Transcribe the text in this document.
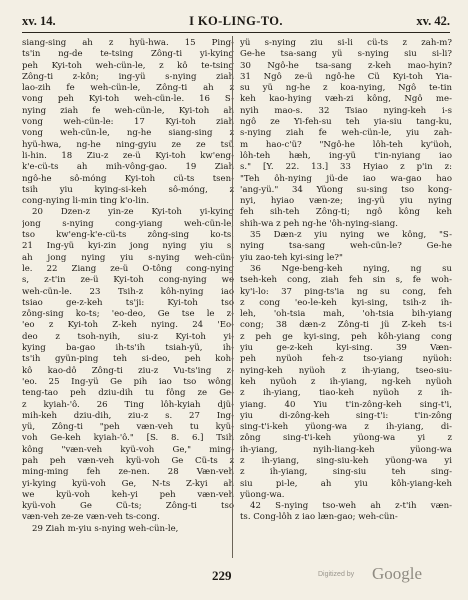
xv. 14.	I KO-LING-TO.	xv. 42.
siang-sing ah z hyü-hwa. 15 Ping-
ts'in ng-de te-tsing Zông-ti yi-kying
peh Kyi-toh weh-cün-le, z kô te-tsing
Zông-ti z-kôn; ing-yü s-nying ziah
lao-zih fe weh-cün-le, Zông-ti ah z
vong peh Kyi-toh weh-cün-le. 16 S-
nying ziah fe weh-cün-le, Kyi-toh ah
vong weh-cün-le: 17 Kyi-toh ziah
vong weh-cün-le, ng-he siang-sing z
hyü-hwa, ng-he ning-gyiu ze ze tsü
li-hin. 18 Ziu-z ze-ü Kyi-toh kw'eng-
k'e-cü-ts ah mih-vông-gao. 19 Ziah
ngô-he sô-móng Kyi-toh cü-ts tsen-
tsih yiu kying-si-keh sô-móng, z
cong-nying li-min ting k'o-lin.
20 Dzen-z yin-ze Kyi-toh yi-kying
jong s-nying cong-yiang weh-cün-le,
tso kw'eng-k'e-cü-ts zông-sing ko-ts.
21 Ing-yü kyi-zin jong nying yiu s,
ah jong nying yiu s-nying weh-cün-
le. 22 Ziang ze-ü Ô-tông cong-nying
s, z-t'in ze-ü Kyi-toh cong-nying we
weh-cün-le. 23 Tsih-z kôh-nying iao
tsiao ge-z-keh ts'ji: Kyi-toh tso
zông-sing ko-ts; 'eo-deo, Ge tse le z-
'eo z Kyi-toh Z-keh nying. 24 'Eo-
deo z tsoh-nyih, siu-z Kyi-toh yi-
kying ba-gao ih-ts'ih tsiah-yü, ih-
ts'ih gyün-ping teh si-deo, peh koh-
kô kao-dô Zông-ti ziu-z Vu-ts'ing z-
'eo. 25 Ing-yü Ge pih iao tso wông,
teng-tao peh dziu-dih tu fông ze Ge-
z kyiah-'ô. 26 Ting lôh-kyiah djü-
mih-keh dziu-dih, ziu-z s. 27 Ing-
yü, Zông-ti "peh væn-veh tu kyü-
voh Ge-keh kyiah-'ô." [S. 8. 6.] Tsih
kông "væn-veh kyü-voh Ge," ming-
pah peh væn-veh kyü-voh Ge Cü-ts z
ming-ming feh ze-nen. 28 Væn-veh
yi-kying kyü-voh Ge, N-ts Z-kyi ah
we kyü-voh keh-yi peh væn-veh
kyü-voh Ge Cü-ts; Zông-ti tso
væn-veh ze-ze væn-veh ts-cong.
29 Ziah m-yiu s-nying weh-cün-le,
yü s-nying ziu si-li cü-ts z zah-m?
Ge-he tsa-sang yü s-nying siu si-li?
30 Ngô-he tsa-sang z-keh mao-hyin?
31 Ngô ze-ü ngô-he Cü Kyi-toh Yia-
su yü ng-he z koa-nying, Ngô te-tin
keh kao-hying væh-zi kông, Ngô me-
nyih mao-s. 32 Tsiao nying-keh i-s
ngô ze Yi-feh-su teh yia-siu tang-ku,
s-nying ziah fe weh-cün-le, yiu zah-
m hao-c'ü? "Ngô-he lôh-teh ky'üoh,
lôh-teh hæh, ing-yü t'in-nyiang iao
s." [Y. 22. 13.] 33 Hyiao z p'in z:
"Teh ôh-nying jü-de iao wa-gao hao
'ang-yü." 34 Yüong su-sing tso kong-
nyi, hyiao væn-ze; ing-yü yiu nying
feh sih-teh Zông-ti; ngô kông keh
shih-wa z peh ng-he 'ôh-nying-siang.
35 Dæn-z yiu nying we kông, "S-
nying tsa-sang weh-cün-le? Ge-he
yiu zao-teh kyi-sing le?"
36 Nge-beng-keh nying, ng su
tseh-keh cong, ziah feh sin s, fe woh-
ky'i-lo: 37 ping-ts'ia ng su cong, feh
z cong 'eo-le-keh kyi-sing, tsih-z ih-
leh, 'oh-tsia mah, 'oh-tsia bih-yiang
cong; 38 dæn-z Zông-ti jü Z-keh ts-i
z peh ge kyi-sing, peh kôh-yiang cong
yiu ge-z-keh kyi-sing. 39 Væn-
peh nyüoh feh-z tso-yiang nyüoh:
nying-keh nyüoh z ih-yiang, tseo-siu-
keh nyüoh z ih-yiang, ng-keh nyüoh
z ih-yiang, tiao-keh nyüoh z ih-
yiang. 40 Yiu t'in-zông-keh sing-t'i,
yiu di-zông-keh sing-t'i: t'in-zông
sing-t'i-keh yüong-wa z ih-yiang, di-
zông sing-t'i-keh yüong-wa yi z
ih-yiang, nyih-liang-keh yüong-wa
z ih-yiang, sing-siu-keh yüong-wa yi
z ih-yiang, sing-siu teh sing-
siu pi-le, ah yiu kôh-yiang-keh
yüong-wa.
42 S-nying tso-weh ah z-t'ih væn-
ts. Cong-lôh z iao læn-gao; weh-cün-
229	Digitized by Google
